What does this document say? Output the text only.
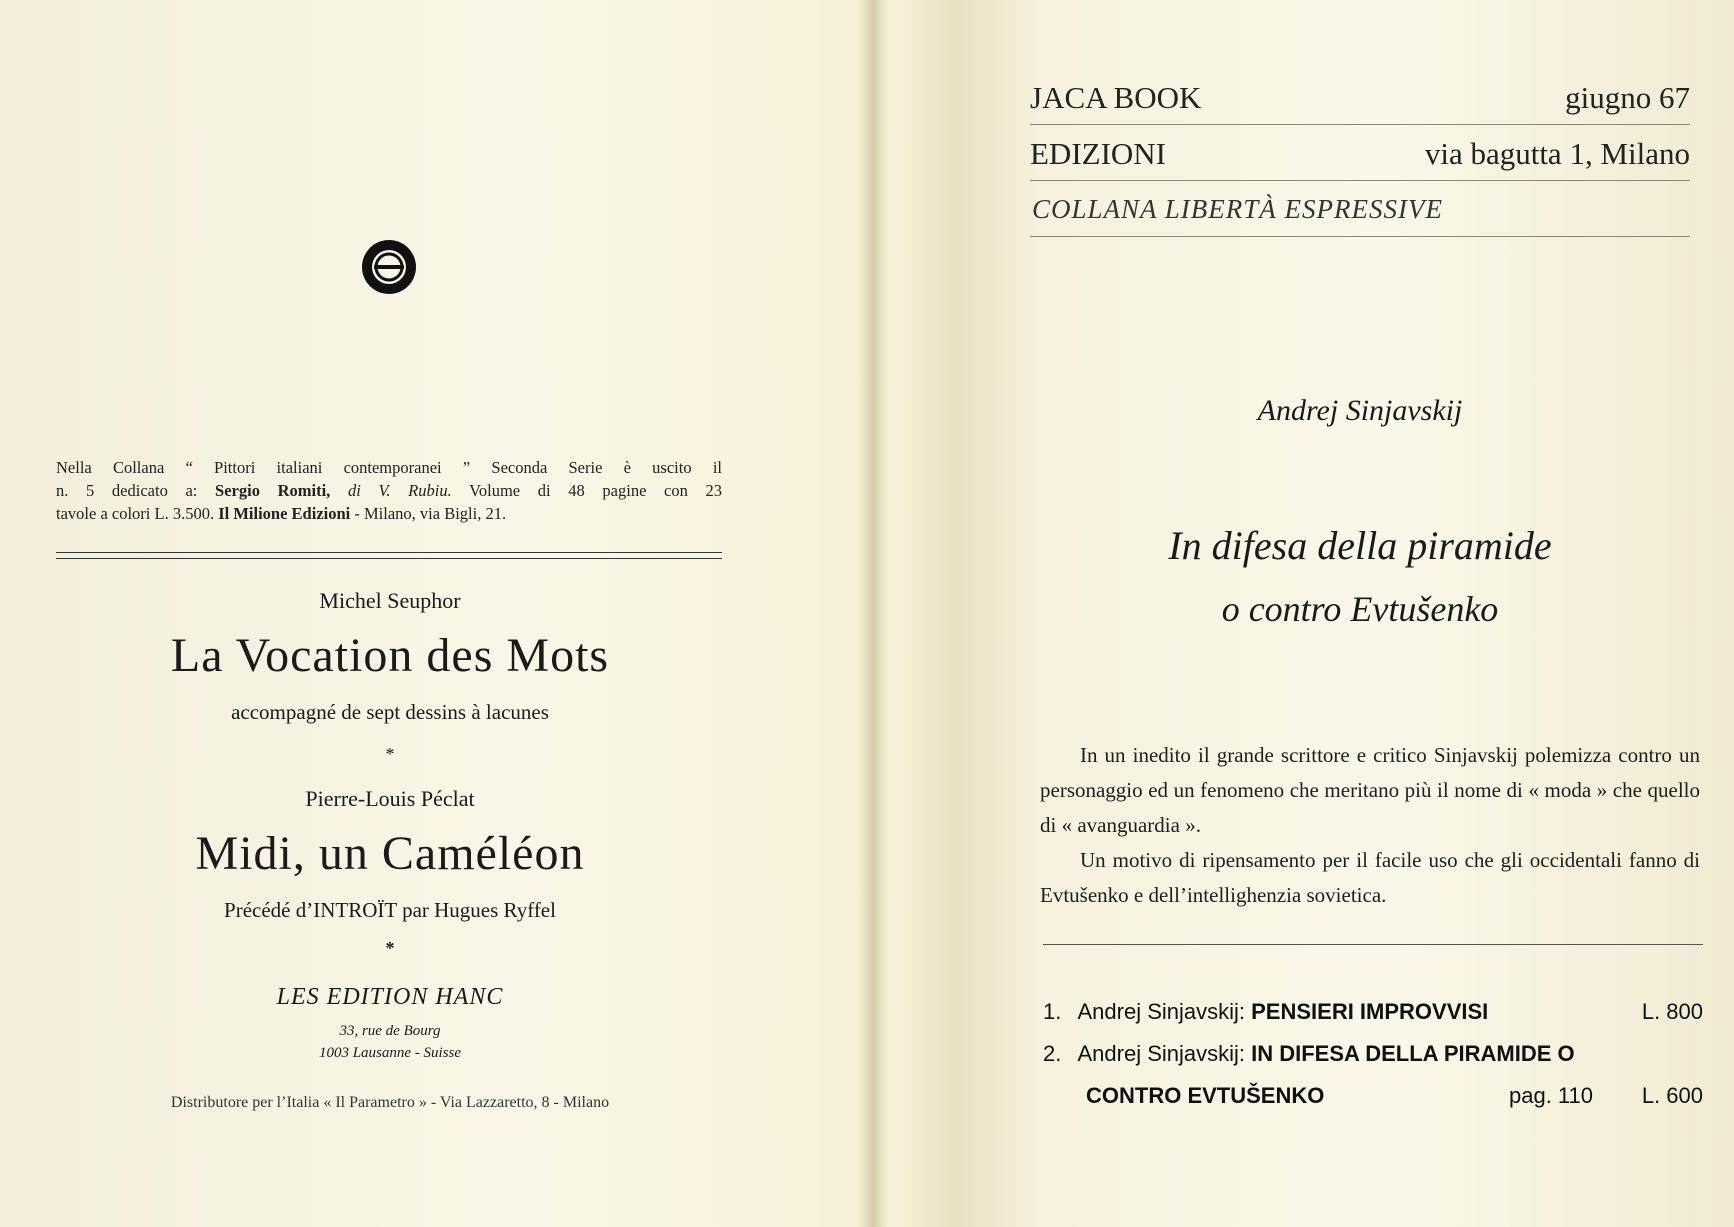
Nella Collana “ Pittori italiani contemporanei ” Seconda Serie è uscito il
n. 5 dedicato a: Sergio Romiti, di V. Rubiu. Volume di 48 pagine con 23
tavole a colori L. 3.500. Il Milione Edizioni - Milano, via Bigli, 21.
Michel Seuphor
La Vocation des Mots
accompagné de sept dessins à lacunes
*
Pierre-Louis Péclat
Midi, un Caméléon
Précédé d’INTROÏT par Hugues Ryffel
*
LES EDITION HANC
33, rue de Bourg
1003 Lausanne - Suisse
Distributore per l’Italia « Il Parametro » - Via Lazzaretto, 8 - Milano
JACA BOOK	giugno 67
EDIZIONI	via bagutta 1, Milano
COLLANA LIBERTÀ ESPRESSIVE
Andrej Sinjavskij
In difesa della piramide
o contro Evtušenko

In un inedito il grande scrittore e critico Sinjavskij polemizza contro un personaggio ed un fenomeno che meritano più il nome di « moda » che quello di « avanguardia ».

Un motivo di ripensamento per il facile uso che gli occidentali fanno di Evtušenko e dell’intellighenzia sovietica.

1. Andrej Sinjavskij: PENSIERI IMPROVVISI	L. 800
2. Andrej Sinjavskij: IN DIFESA DELLA PIRAMIDE O
CONTRO EVTUŠENKO	pag. 110 L. 600
